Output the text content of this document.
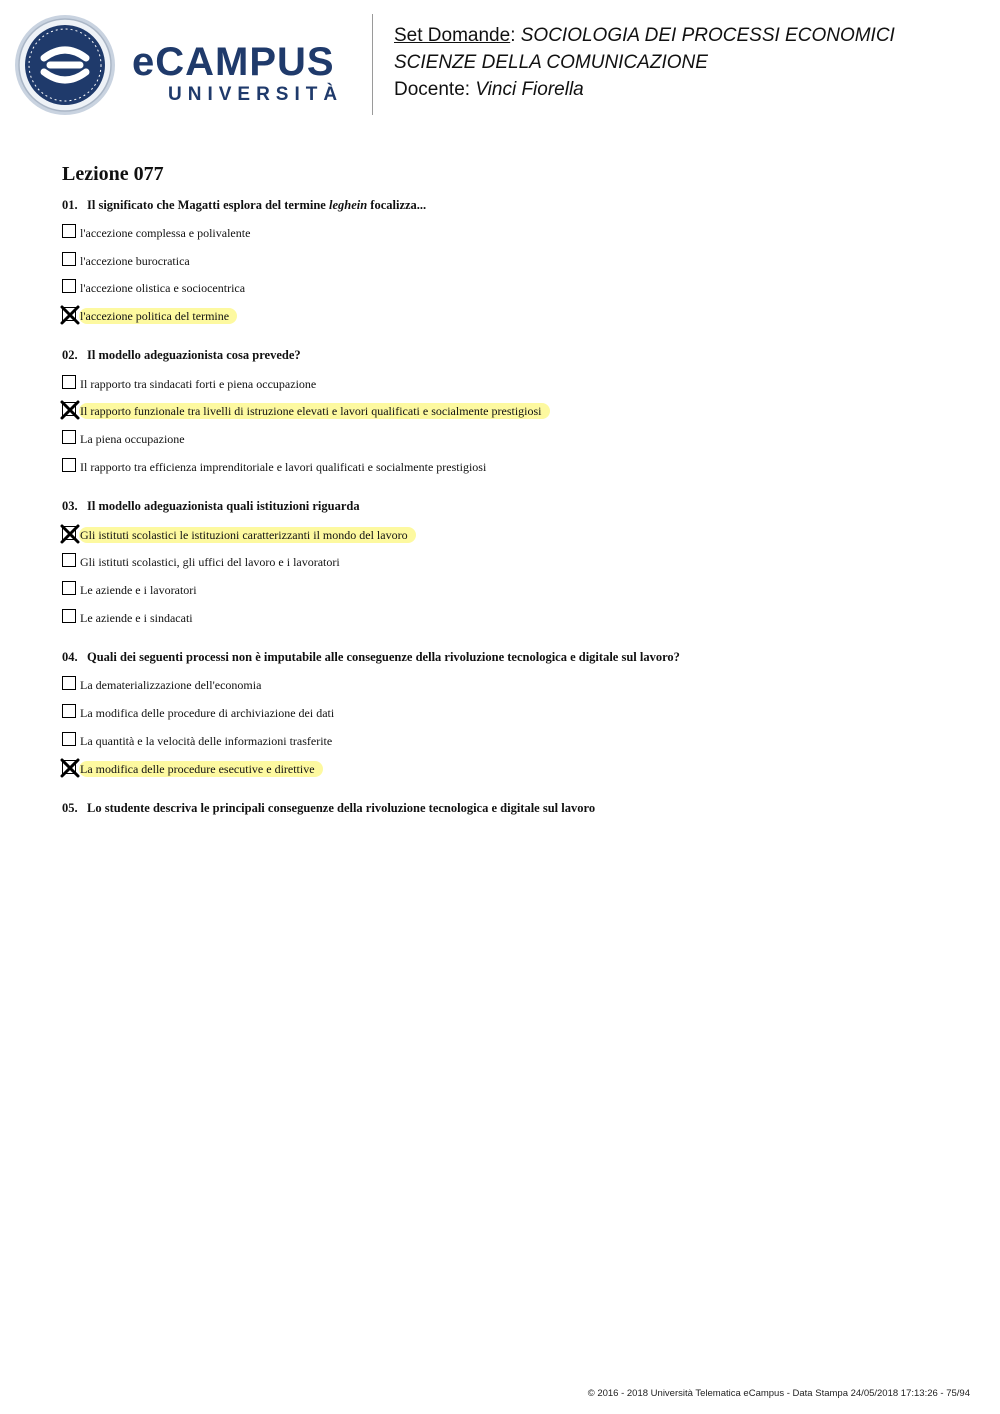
eCAMPUS
UNIVERSITÀ
Set Domande: SOCIOLOGIA DEI PROCESSI ECONOMICI
SCIENZE DELLA COMUNICAZIONE
Docente: Vinci Fiorella
Lezione 077
01. Il significato che Magatti esplora del termine leghein focalizza...
l'accezione complessa e polivalente
l'accezione burocratica
l'accezione olistica e sociocentrica
l'accezione politica del termine
02. Il modello adeguazionista cosa prevede?
Il rapporto tra sindacati forti e piena occupazione
Il rapporto funzionale tra livelli di istruzione elevati e lavori qualificati e socialmente prestigiosi
La piena occupazione
Il rapporto tra efficienza imprenditoriale e lavori qualificati e socialmente prestigiosi
03. Il modello adeguazionista quali istituzioni riguarda
Gli istituti scolastici le istituzioni caratterizzanti il mondo del lavoro
Gli istituti scolastici, gli uffici del lavoro e i lavoratori
Le aziende e i lavoratori
Le aziende e i sindacati
04. Quali dei seguenti processi non è imputabile alle conseguenze della rivoluzione tecnologica e digitale sul lavoro?
La dematerializzazione dell'economia
La modifica delle procedure di archiviazione dei dati
La quantità e la velocità delle informazioni trasferite
La modifica delle procedure esecutive e direttive
05. Lo studente descriva le principali conseguenze della rivoluzione tecnologica e digitale sul lavoro
© 2016 - 2018 Università Telematica eCampus - Data Stampa 24/05/2018 17:13:26 - 75/94
